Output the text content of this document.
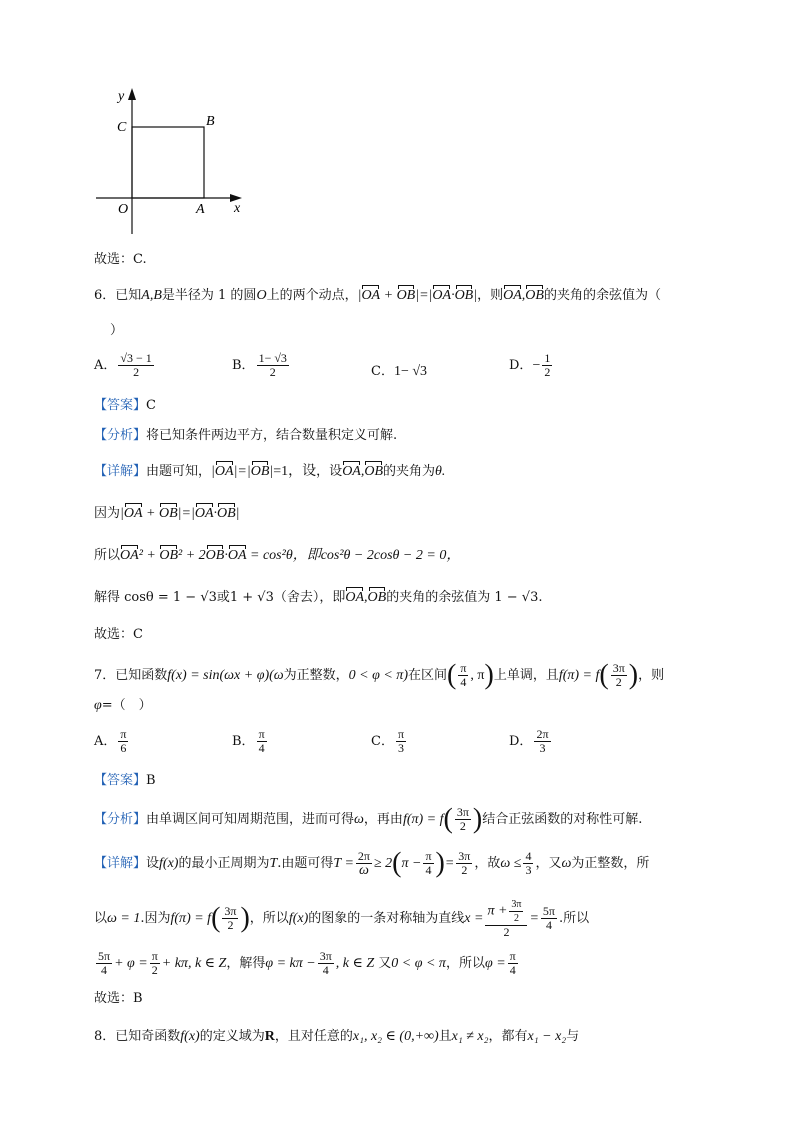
y
C	B
O	A x
故选：C.
6．已知A,B是半径为 1 的圆O上的两个动点，|OA + OB|=|OA·OB|，则OA,OB的夹角的余弦值为（
）
A． $\frac{√3 - 1}{2}$	B． $\frac{1- √3}{2}$	C．1− √3	D．− $\frac{1}{2}$
【答案】C
【分析】将已知条件两边平方，结合数量积定义可解.
【详解】由题可知，|OA|=|OB|=1，设，设OA,OB的夹角为θ.
因为|OA + OB|=|OA·OB|
所以OA² + OB² + 2OB·OA = cos²θ，即cos²θ − 2cosθ − 2 = 0，
解得 cosθ = 1 − √3或1 + √3（舍去），即OA,OB的夹角的余弦值为 1 − √3.
故选：C
7．已知函数f(x) = sin(ωx + φ)(ω为正整数，0 < φ < π)在区间( $\frac{\pi}{4}$ , π)上单调，且$f(\pi) = f( \frac{3\pi}{2}$ )，则
φ=（　）
A． $\frac{\pi}{6}$	B． $\frac{\pi}{4}$	C． $\frac{\pi}{3}$	D． $\frac{2\pi}{3}$
【答案】B
【分析】由单调区间可知周期范围，进而可得ω，再由$f(\pi) = f( \frac{3\pi}{2}$ )结合正弦函数的对称性可解.
【详解】设f(x)的最小正周期为T.由题可得$T = \frac{2\pi}{\omega} \ge 2(\pi - \frac{\pi}{4}$ )= $\frac{3\pi}{2}$ ，故$\omega \le \frac{4}{3}$ ，又ω为正整数，所
以ω = 1.因为$f(\pi) = f( \frac{3\pi}{2}$ )，所以f(x)的图象的一条对称轴为直线$x = \frac{\pi + \frac{3\pi}{2}}{2} = \frac{5\pi}{4}$ .所以
$\frac{5\pi}{4} + \varphi = \frac{\pi}{2} + k\pi$, k ∈ Z，解得$\varphi = k\pi - \frac{3\pi}{4}$ , k ∈ Z 又0 < φ < π，所以$\varphi = \frac{\pi}{4}$
故选：B
8．已知奇函数f(x)的定义域为R，且对任意的x₁, x₂ ∈ (0,+∞)且x₁ ≠ x₂，都有x₁ − x₂与
